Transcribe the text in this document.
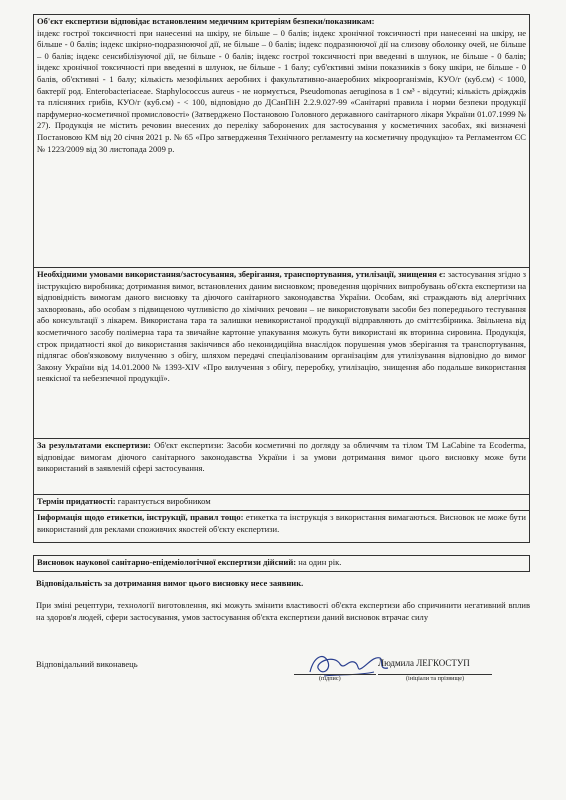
Об'єкт експертизи відповідає встановленим медичним критеріям безпеки/показникам:
індекс гострої токсичності при нанесенні на шкіру, не більше – 0 балів; індекс хронічної токсичності при нанесенні на шкіру, не більше - 0 балів; індекс шкірно-подразнюючої дії, не більше – 0 балів; індекс подразнюючої дії на слизову оболонку очей, не більше – 0 балів; індекс сенсибілізуючої дії, не більше - 0 балів; індекс гострої токсичності при введенні в шлунок, не більше - 0 балів; індекс хронічної токсичності при введенні в шлунок, не більше - 1 балу; суб'єктивні зміни показників з боку шкіри, не більше - 0 балів, об'єктивні - 1 балу; кількість мезофільних аеробних і факультативно-анаеробних мікроорганізмів, КУО/г (куб.см) < 1000, бактерії род. Enterobacteriaceae. Staphylococcus aureus - не нормується, Pseudomonas aeruginosa в 1 см³ - відсутні; кількість дріжджів та плісняних грибів, КУО/г (куб.см) - < 100, відповідно до ДСанПіН 2.2.9.027-99 «Санітарні правила і норми безпеки продукції парфумерно-косметичної промисловості» (Затверджено Постановою Головного державного санітарного лікаря України 01.07.1999 № 27). Продукція не містить речовин внесених до переліку заборонених для застосування у косметичних засобах, які визначені Постановою КМ від 20 січня 2021 р. № 65 «Про затвердження Технічного регламенту на косметичну продукцію» та Регламентом ЄС № 1223/2009 від 30 листопада 2009 р.
Необхідними умовами використання/застосування, зберігання, транспортування, утилізації, знищення є: застосування згідно з інструкцією виробника; дотримання вимог, встановлених даним висновком; проведення щорічних випробувань об'єкта експертизи на відповідність вимогам даного висновку та діючого санітарного законодавства України. Особам, які страждають від алергічних захворювань, або особам з підвищеною чутливістю до хімічних речовин – не використовувати засоби без попереднього тестування або консультації з лікарем. Використана тара та залишки невикористаної продукції відправляють до сміттєзбірника. Звільнена від косметичного засобу полімерна тара та звичайне картонне упакування можуть бути використані як вторинна сировина. Продукція, строк придатності якої до використання закінчився або неконидиційна внаслідок порушення умов зберігання та транспортування, підлягає обов'язковому вилученню з обігу, шляхом передачі спеціалізованим організаціям для утилізування відповідно до вимог Закону України від 14.01.2000 № 1393-XIV «Про вилучення з обігу, переробку, утилізацію, знищення або подальше використання неякісної та небезпечної продукції».
За результатами експертизи: Об'єкт експертизи: Засоби косметичні по догляду за обличчям та тілом ТМ LaCabine та Ecoderma, відповідає вимогам діючого санітарного законодавства України і за умови дотримання вимог цього висновку може бути використаний в заявленій сфері застосування.
Термін придатності: гарантується виробником
Інформація щодо етикетки, інструкції, правил тощо: етикетка та інструкція з використання вимагаються. Висновок не може бути використаний для реклами споживчих якостей об'єкту експертизи.
Висновок наукової санітарно-епідеміологічної експертизи дійсний: на один рік.
Відповідальність за дотримання вимог цього висновку несе заявник.
При зміні рецептури, технології виготовлення, які можуть змінити властивості об'єкта експертизи або спричинити негативний вплив на здоров'я людей, сфери застосування, умов застосування об'єкта експертизи даний висновок втрачає силу
Відповідальний виконавець	Людмила ЛЕГКОСТУП
(підпис)	(ініціали та прізвище)
